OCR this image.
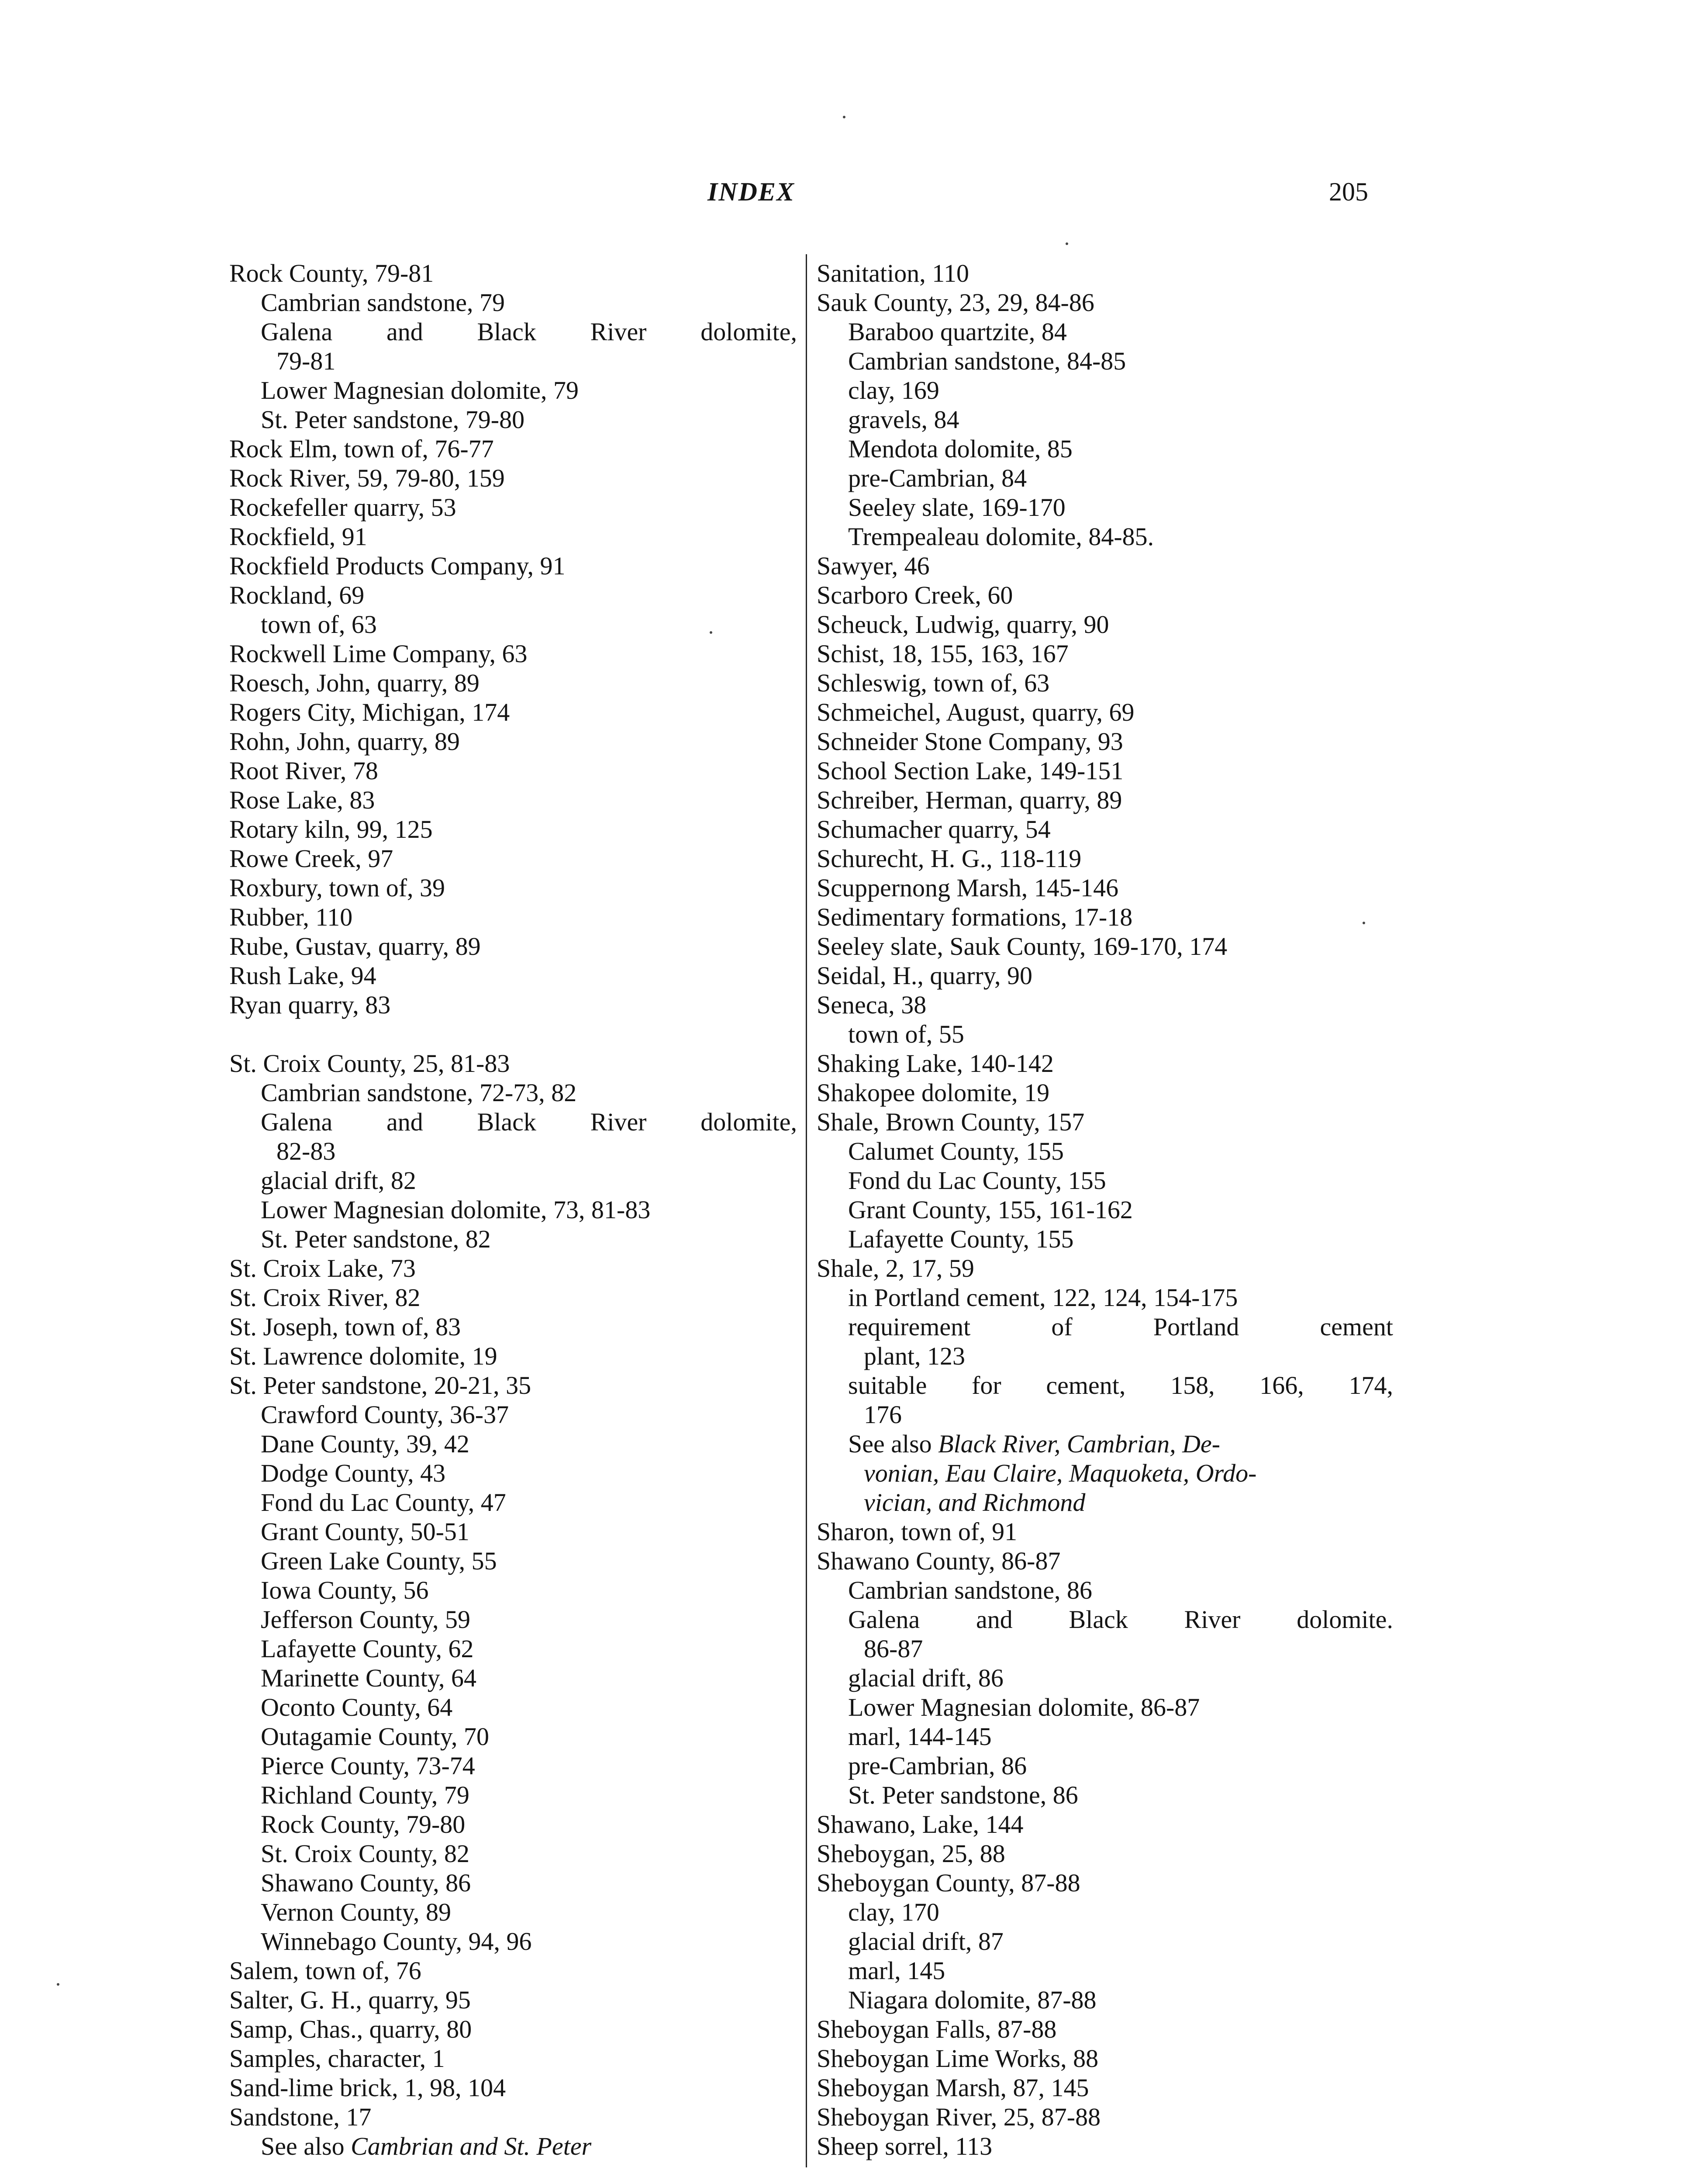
INDEX	205
Rock County, 79-81
Cambrian sandstone, 79
Galena and Black River dolomite,
79-81
Lower Magnesian dolomite, 79
St. Peter sandstone, 79-80
Rock Elm, town of, 76-77
Rock River, 59, 79-80, 159
Rockefeller quarry, 53
Rockfield, 91
Rockfield Products Company, 91
Rockland, 69
town of, 63
Rockwell Lime Company, 63
Roesch, John, quarry, 89
Rogers City, Michigan, 174
Rohn, John, quarry, 89
Root River, 78
Rose Lake, 83
Rotary kiln, 99, 125
Rowe Creek, 97
Roxbury, town of, 39
Rubber, 110
Rube, Gustav, quarry, 89
Rush Lake, 94
Ryan quarry, 83
St. Croix County, 25, 81-83
Cambrian sandstone, 72-73, 82
Galena and Black River dolomite,
82-83
glacial drift, 82
Lower Magnesian dolomite, 73, 81-83
St. Peter sandstone, 82
St. Croix Lake, 73
St. Croix River, 82
St. Joseph, town of, 83
St. Lawrence dolomite, 19
St. Peter sandstone, 20-21, 35
Crawford County, 36-37
Dane County, 39, 42
Dodge County, 43
Fond du Lac County, 47
Grant County, 50-51
Green Lake County, 55
Iowa County, 56
Jefferson County, 59
Lafayette County, 62
Marinette County, 64
Oconto County, 64
Outagamie County, 70
Pierce County, 73-74
Richland County, 79
Rock County, 79-80
St. Croix County, 82
Shawano County, 86
Vernon County, 89
Winnebago County, 94, 96
Salem, town of, 76
Salter, G. H., quarry, 95
Samp, Chas., quarry, 80
Samples, character, 1
Sand-lime brick, 1, 98, 104
Sandstone, 17
See also Cambrian and St. Peter
Sanitation, 110
Sauk County, 23, 29, 84-86
Baraboo quartzite, 84
Cambrian sandstone, 84-85
clay, 169
gravels, 84
Mendota dolomite, 85
pre-Cambrian, 84
Seeley slate, 169-170
Trempealeau dolomite, 84-85.
Sawyer, 46
Scarboro Creek, 60
Scheuck, Ludwig, quarry, 90
Schist, 18, 155, 163, 167
Schleswig, town of, 63
Schmeichel, August, quarry, 69
Schneider Stone Company, 93
School Section Lake, 149-151
Schreiber, Herman, quarry, 89
Schumacher quarry, 54
Schurecht, H. G., 118-119
Scuppernong Marsh, 145-146
Sedimentary formations, 17-18
Seeley slate, Sauk County, 169-170, 174
Seidal, H., quarry, 90
Seneca, 38
town of, 55
Shaking Lake, 140-142
Shakopee dolomite, 19
Shale, Brown County, 157
Calumet County, 155
Fond du Lac County, 155
Grant County, 155, 161-162
Lafayette County, 155
Shale, 2, 17, 59
in Portland cement, 122, 124, 154-175
requirement of Portland cement
plant, 123
suitable for cement, 158, 166, 174,
176
See also Black River, Cambrian, De-
vonian, Eau Claire, Maquoketa, Ordo-
vician, and Richmond
Sharon, town of, 91
Shawano County, 86-87
Cambrian sandstone, 86
Galena and Black River dolomite.
86-87
glacial drift, 86
Lower Magnesian dolomite, 86-87
marl, 144-145
pre-Cambrian, 86
St. Peter sandstone, 86
Shawano, Lake, 144
Sheboygan, 25, 88
Sheboygan County, 87-88
clay, 170
glacial drift, 87
marl, 145
Niagara dolomite, 87-88
Sheboygan Falls, 87-88
Sheboygan Lime Works, 88
Sheboygan Marsh, 87, 145
Sheboygan River, 25, 87-88
Sheep sorrel, 113
